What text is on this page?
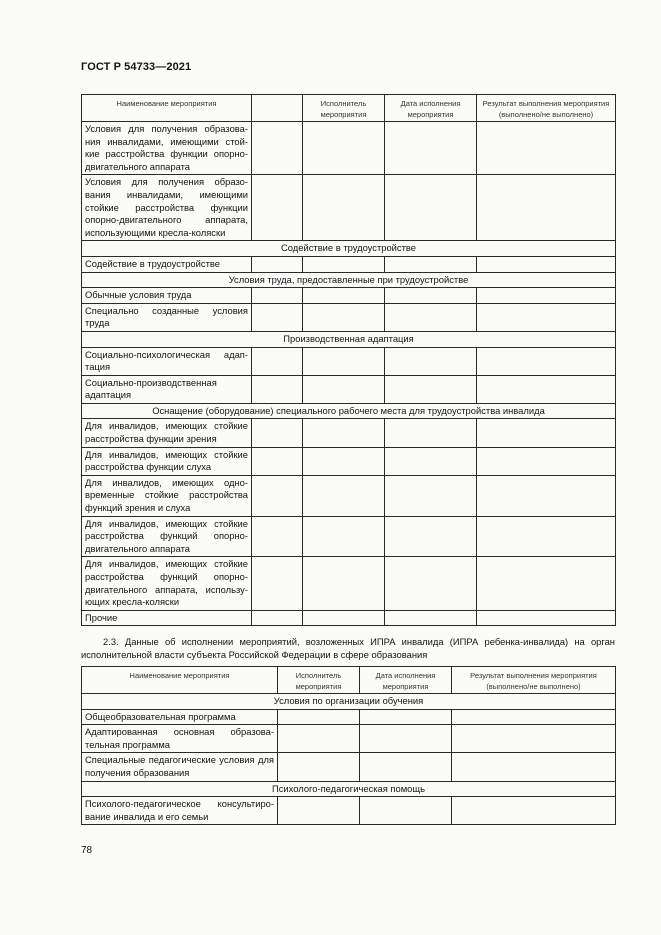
ГОСТ Р 54733—2021
Наименование мероприятия		Исполнитель мероприятия	Дата исполнения мероприятия	Результат выполнения мероприятия (выполнено/не выполнено)
Условия для получения образова-ния инвалидами, имеющими стой-кие расстройства функции опорно-двигательного аппарата				
Условия для получения образо-вания инвалидами, имеющими стойкие расстройства функции опорно-двигательного аппарата, использующими кресла-коляски				
Содействие в трудоустройстве				
Содействие в трудоустройстве				
Условия труда, предоставленные при трудоустройстве				
Обычные условия труда				
Специально созданные условия труда				
Производственная адаптация				
Социально-психологическая адап-тация				
Социально-производственная адаптация				
Оснащение (оборудование) специального рабочего места для трудоустройства инвалида				
Для инвалидов, имеющих стойкие расстройства функции зрения				
Для инвалидов, имеющих стойкие расстройства функции слуха				
Для инвалидов, имеющих одно-временные стойкие расстройства функций зрения и слуха				
Для инвалидов, имеющих стойкие расстройства функций опорно-двигательного аппарата				
Для инвалидов, имеющих стойкие расстройства функций опорно-двигательного аппарата, использу-ющих кресла-коляски				
Прочие				
2.3. Данные об исполнении мероприятий, возложенных ИПРА инвалида (ИПРА ребенка-инвалида) на орган исполнительной власти субъекта Российской Федерации в сфере образования
Наименование мероприятия	Исполнитель мероприятия	Дата исполнения мероприятия	Результат выполнения мероприятия (выполнено/не выполнено)
Условия по организации обучения			
Общеобразовательная программа			
Адаптированная основная образова-тельная программа			
Специальные педагогические условия для получения образования			
Психолого-педагогическая помощь			
Психолого-педагогическое консультиро-вание инвалида и его семьи			
78
